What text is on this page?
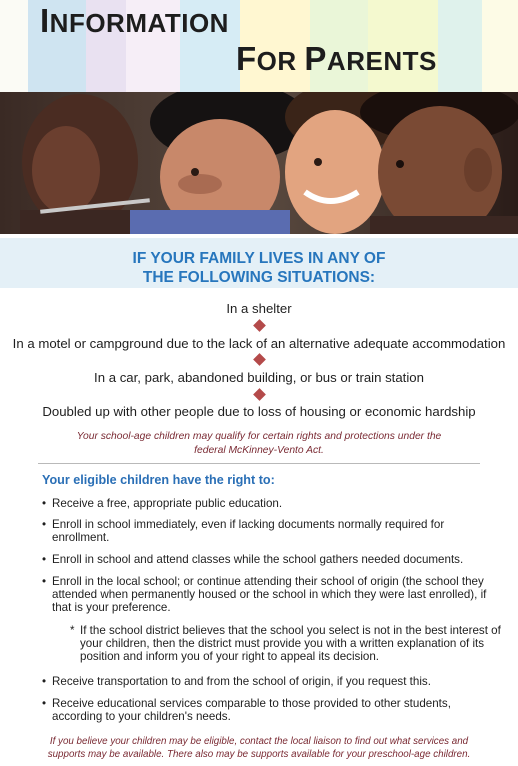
INFORMATION
FOR PARENTS
IF YOUR FAMILY LIVES IN ANY OF
THE FOLLOWING SITUATIONS:
In a shelter
In a motel or campground due to the lack of an alternative adequate accommodation
In a car, park, abandoned building, or bus or train station
Doubled up with other people due to loss of housing or economic hardship
Your school-age children may qualify for certain rights and protections under the
federal McKinney-Vento Act.
Your eligible children have the right to:
• Receive a free, appropriate public education.
• Enroll in school immediately, even if lacking documents normally required for enrollment.
• Enroll in school and attend classes while the school gathers needed documents.
• Enroll in the local school; or continue attending their school of origin (the school they attended when permanently housed or the school in which they were last enrolled), if that is your preference.
* If the school district believes that the school you select is not in the best interest of your children, then the district must provide you with a written explanation of its position and inform you of your right to appeal its decision.
• Receive transportation to and from the school of origin, if you request this.
• Receive educational services comparable to those provided to other students, according to your children's needs.
If you believe your children may be eligible, contact the local liaison to find out what services and
supports may be available. There also may be supports available for your preschool-age children.
